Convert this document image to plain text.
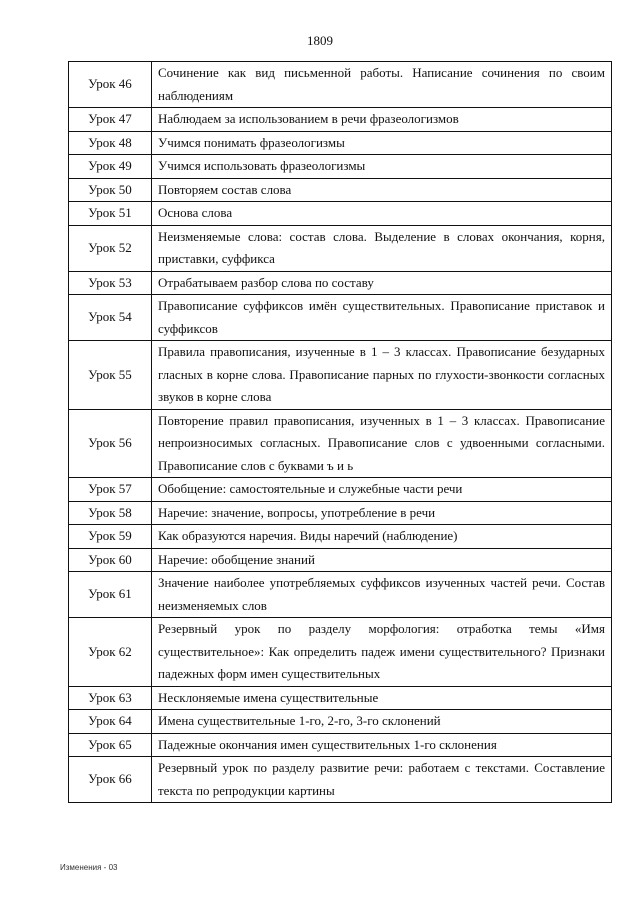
1809
Урок 46	Сочинение как вид письменной работы. Написание сочинения по своим наблюдениям
Урок 47	Наблюдаем за использованием в речи фразеологизмов
Урок 48	Учимся понимать фразеологизмы
Урок 49	Учимся использовать фразеологизмы
Урок 50	Повторяем состав слова
Урок 51	Основа слова
Урок 52	Неизменяемые слова: состав слова. Выделение в словах окончания, корня, приставки, суффикса
Урок 53	Отрабатываем разбор слова по составу
Урок 54	Правописание суффиксов имён существительных. Правописание приставок и суффиксов
Урок 55	Правила правописания, изученные в 1 – 3 классах. Правописание безударных гласных в корне слова. Правописание парных по глухости-звонкости согласных звуков в корне слова
Урок 56	Повторение правил правописания, изученных в 1 – 3 классах. Правописание непроизносимых согласных. Правописание слов с удвоенными согласными. Правописание слов с буквами ъ и ь
Урок 57	Обобщение: самостоятельные и служебные части речи
Урок 58	Наречие: значение, вопросы, употребление в речи
Урок 59	Как образуются наречия. Виды наречий (наблюдение)
Урок 60	Наречие: обобщение знаний
Урок 61	Значение наиболее употребляемых суффиксов изученных частей речи. Состав неизменяемых слов
Урок 62	Резервный урок по разделу морфология: отработка темы «Имя существительное»: Как определить падеж имени существительного? Признаки падежных форм имен существительных
Урок 63	Несклоняемые имена существительные
Урок 64	Имена существительные 1-го, 2-го, 3-го склонений
Урок 65	Падежные окончания имен существительных 1-го склонения
Урок 66	Резервный урок по разделу развитие речи: работаем с текстами. Составление текста по репродукции картины
Изменения - 03
